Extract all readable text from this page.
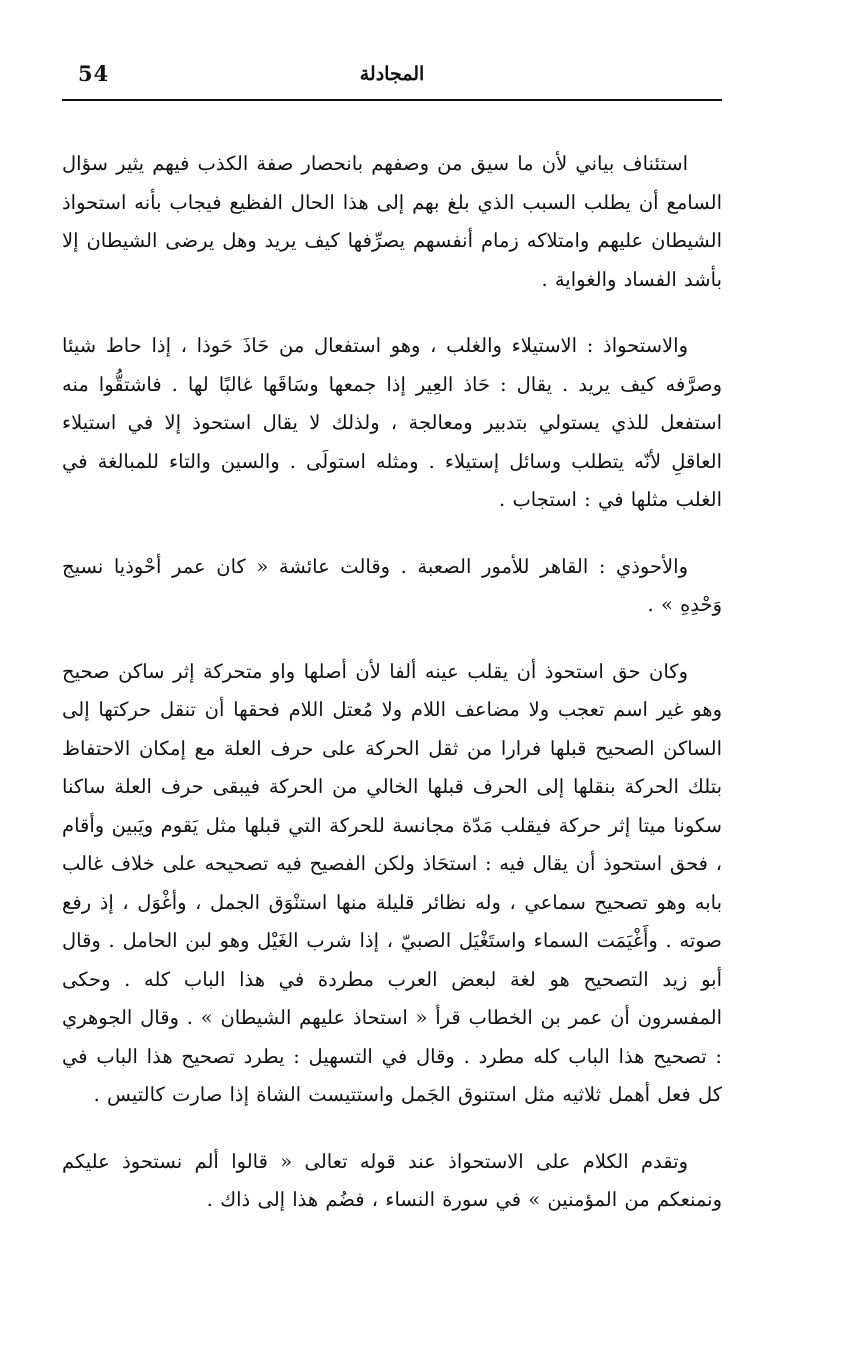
54	المجادلة

استئناف بياني لأن ما سيق من وصفهم بانحصار صفة الكذب فيهم يثير سؤال السامع أن يطلب السبب الذي بلغ بهم إلى هذا الحال الفظيع فيجاب بأنه استحواذ الشيطان عليهم وامتلاكه زمام أنفسهم يصرِّفها كيف يريد وهل يرضى الشيطان إلا بأشد الفساد والغواية .

والاستحواذ : الاستيلاء والغلب ، وهو استفعال من حَاذَ حَوذا ، إذا حاط شيئا وصرَّفه كيف يريد . يقال : حَاذ العِير إذا جمعها وسَاقَها غالبًا لها . فاشتقُّوا منه استفعل للذي يستولي بتدبير ومعالجة ، ولذلك لا يقال استحوذ إلا في استيلاء العاقلِ لأنّه يتطلب وسائل إستيلاء . ومثله استولَى . والسين والتاء للمبالغة في الغلب مثلها في : استجاب .

والأحوذي : القاهر للأمور الصعبة . وقالت عائشة « كان عمر أحْوذيا نسيج وَحْدِهِ » .

وكان حق استحوذ أن يقلب عينه ألفا لأن أصلها واو متحركة إثر ساكن صحيح وهو غير اسم تعجب ولا مضاعف اللام ولا مُعتل اللام فحقها أن تنقل حركتها إلى الساكن الصحيح قبلها فرارا من ثقل الحركة على حرف العلة مع إمكان الاحتفاظ بتلك الحركة بنقلها إلى الحرف قبلها الخالي من الحركة فيبقى حرف العلة ساكنا سكونا ميتا إثر حركة فيقلب مَدّة مجانسة للحركة التي قبلها مثل يَقوم ويَبين وأقام ، فحق استحوذ أن يقال فيه : استحَاذ ولكن الفصيح فيه تصحيحه على خلاف غالب بابه وهو تصحيح سماعي ، وله نظائر قليلة منها استنْوَق الجمل ، وأغْوَل ، إذ رفع صوته . وأَغْيَمَت السماء واستَغْيَل الصبيّ ، إذا شرب الغَيْل وهو لبن الحامل . وقال أبو زيد التصحيح هو لغة لبعض العرب مطردة في هذا الباب كله . وحكى المفسرون أن عمر بن الخطاب قرأ « استحاذ عليهم الشيطان » . وقال الجوهري : تصحيح هذا الباب كله مطرد . وقال في التسهيل : يطرد تصحيح هذا الباب في كل فعل أهمل ثلاثيه مثل استنوق الجَمل واستتيست الشاة إذا صارت كالتيس .

وتقدم الكلام على الاستحواذ عند قوله تعالى « قالوا ألم نستحوذ عليكم ونمنعكم من المؤمنين » في سورة النساء ، فضُم هذا إلى ذاك .
